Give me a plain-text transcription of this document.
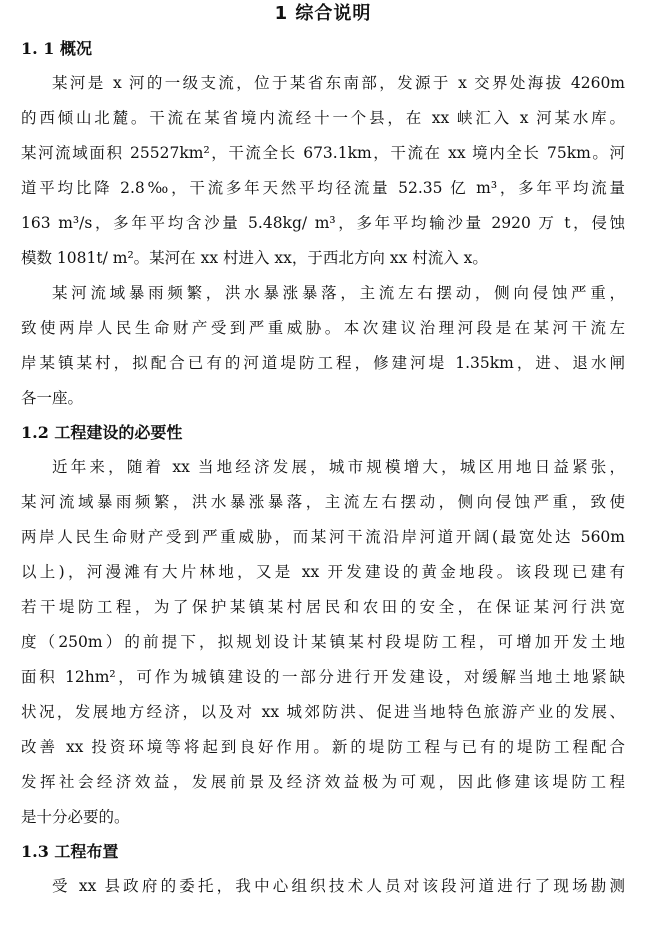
1 综合说明
1. 1 概况

某河是 x 河的一级支流，位于某省东南部，发源于 x 交界处海拔 4260m
的西倾山北麓。干流在某省境内流经十一个县，在 xx 峡汇入 x 河某水库。
某河流域面积 25527km²，干流全长 673.1km，干流在 xx 境内全长 75km。河
道平均比降 2.8‰，干流多年天然平均径流量 52.35 亿 m³，多年平均流量
163 m³/s，多年平均含沙量 5.48kg/ m³，多年平均输沙量 2920 万 t，侵蚀
模数 1081t/ m²。某河在 xx 村进入 xx，于西北方向 xx 村流入 x。

某河流域暴雨频繁，洪水暴涨暴落，主流左右摆动，侧向侵蚀严重，
致使两岸人民生命财产受到严重威胁。本次建议治理河段是在某河干流左
岸某镇某村，拟配合已有的河道堤防工程，修建河堤 1.35km，进、退水闸
各一座。

1.2 工程建设的必要性

近年来，随着 xx 当地经济发展，城市规模增大，城区用地日益紧张，
某河流域暴雨频繁，洪水暴涨暴落，主流左右摆动，侧向侵蚀严重，致使
两岸人民生命财产受到严重威胁，而某河干流沿岸河道开阔(最宽处达 560m
以上)，河漫滩有大片林地，又是 xx 开发建设的黄金地段。该段现已建有
若干堤防工程，为了保护某镇某村居民和农田的安全，在保证某河行洪宽
度（250m）的前提下，拟规划设计某镇某村段堤防工程，可增加开发土地
面积 12hm²，可作为城镇建设的一部分进行开发建设，对缓解当地土地紧缺
状况，发展地方经济，以及对 xx 城郊防洪、促进当地特色旅游产业的发展、
改善 xx 投资环境等将起到良好作用。新的堤防工程与已有的堤防工程配合
发挥社会经济效益，发展前景及经济效益极为可观，因此修建该堤防工程
是十分必要的。

1.3 工程布置

受 xx 县政府的委托，我中心组织技术人员对该段河道进行了现场勘测
